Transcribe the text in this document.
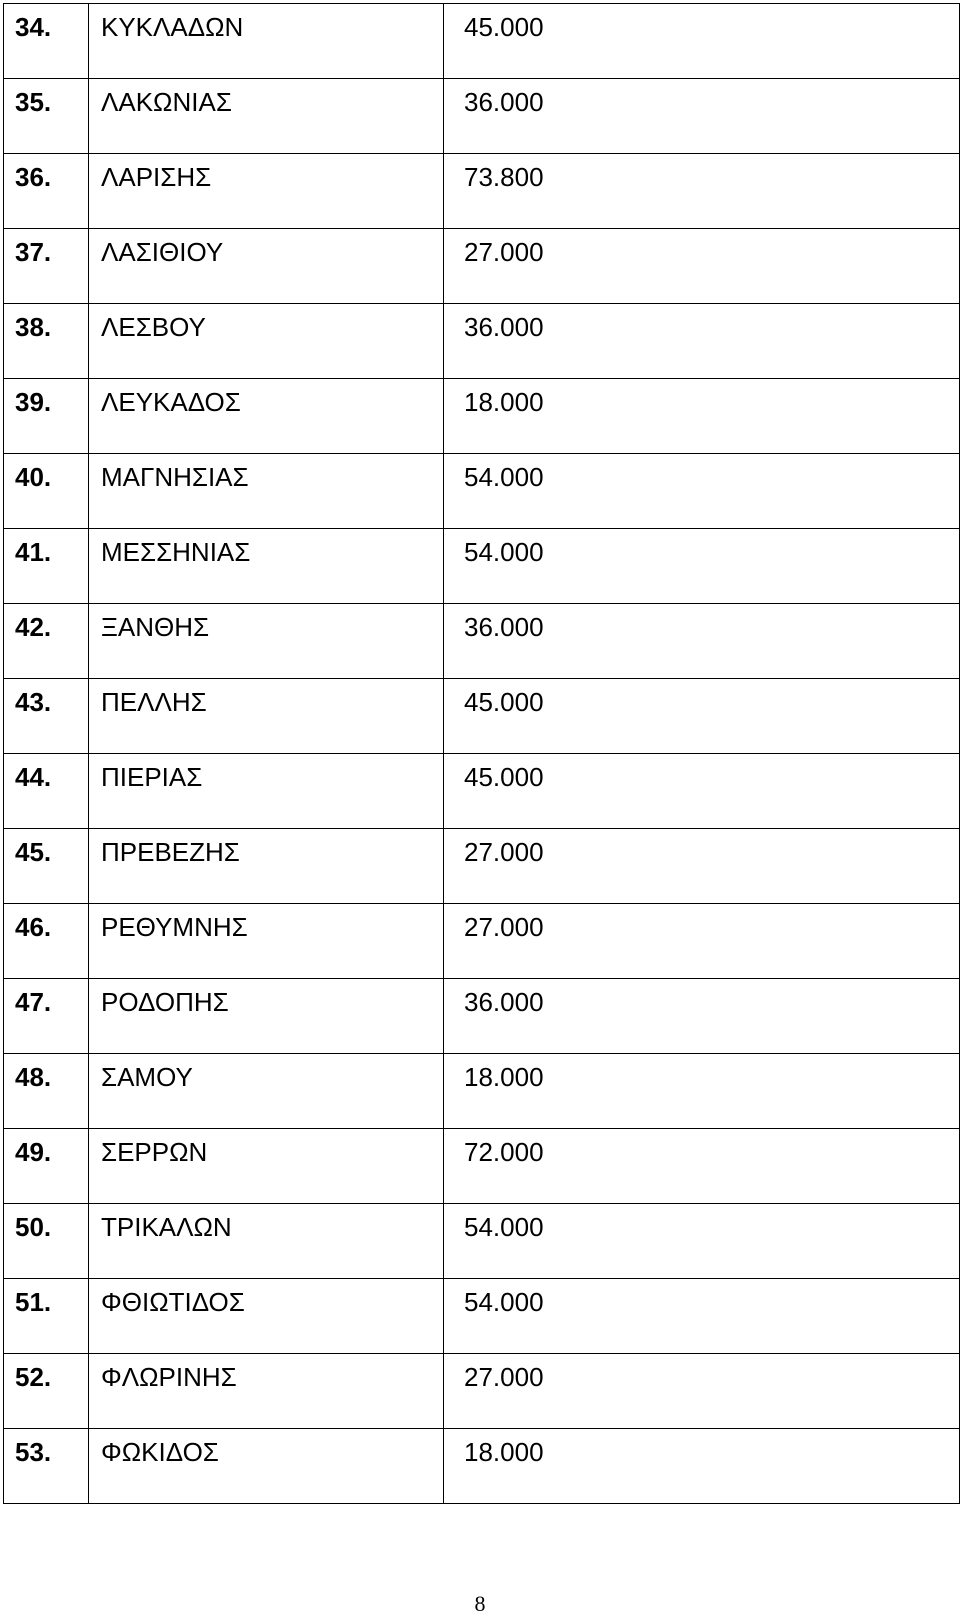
34.	ΚΥΚΛΑΔΩΝ	45.000

35.	ΛΑΚΩΝΙΑΣ	36.000

36.	ΛΑΡΙΣΗΣ	73.800

37.	ΛΑΣΙΘΙΟΥ	27.000

38.	ΛΕΣΒΟΥ	36.000

39.	ΛΕΥΚΑΔΟΣ	18.000

40.	ΜΑΓΝΗΣΙΑΣ	54.000

41.	ΜΕΣΣΗΝΙΑΣ	54.000

42.	ΞΑΝΘΗΣ	36.000

43.	ΠΕΛΛΗΣ	45.000

44.	ΠΙΕΡΙΑΣ	45.000

45.	ΠΡΕΒΕΖΗΣ	27.000

46.	ΡΕΘΥΜΝΗΣ	27.000

47.	ΡΟΔΟΠΗΣ	36.000

48.	ΣΑΜΟΥ	18.000

49.	ΣΕΡΡΩΝ	72.000

50.	ΤΡΙΚΑΛΩΝ	54.000

51.	ΦΘΙΩΤΙΔΟΣ	54.000

52.	ΦΛΩΡΙΝΗΣ	27.000

53.	ΦΩΚΙΔΟΣ	18.000
8
